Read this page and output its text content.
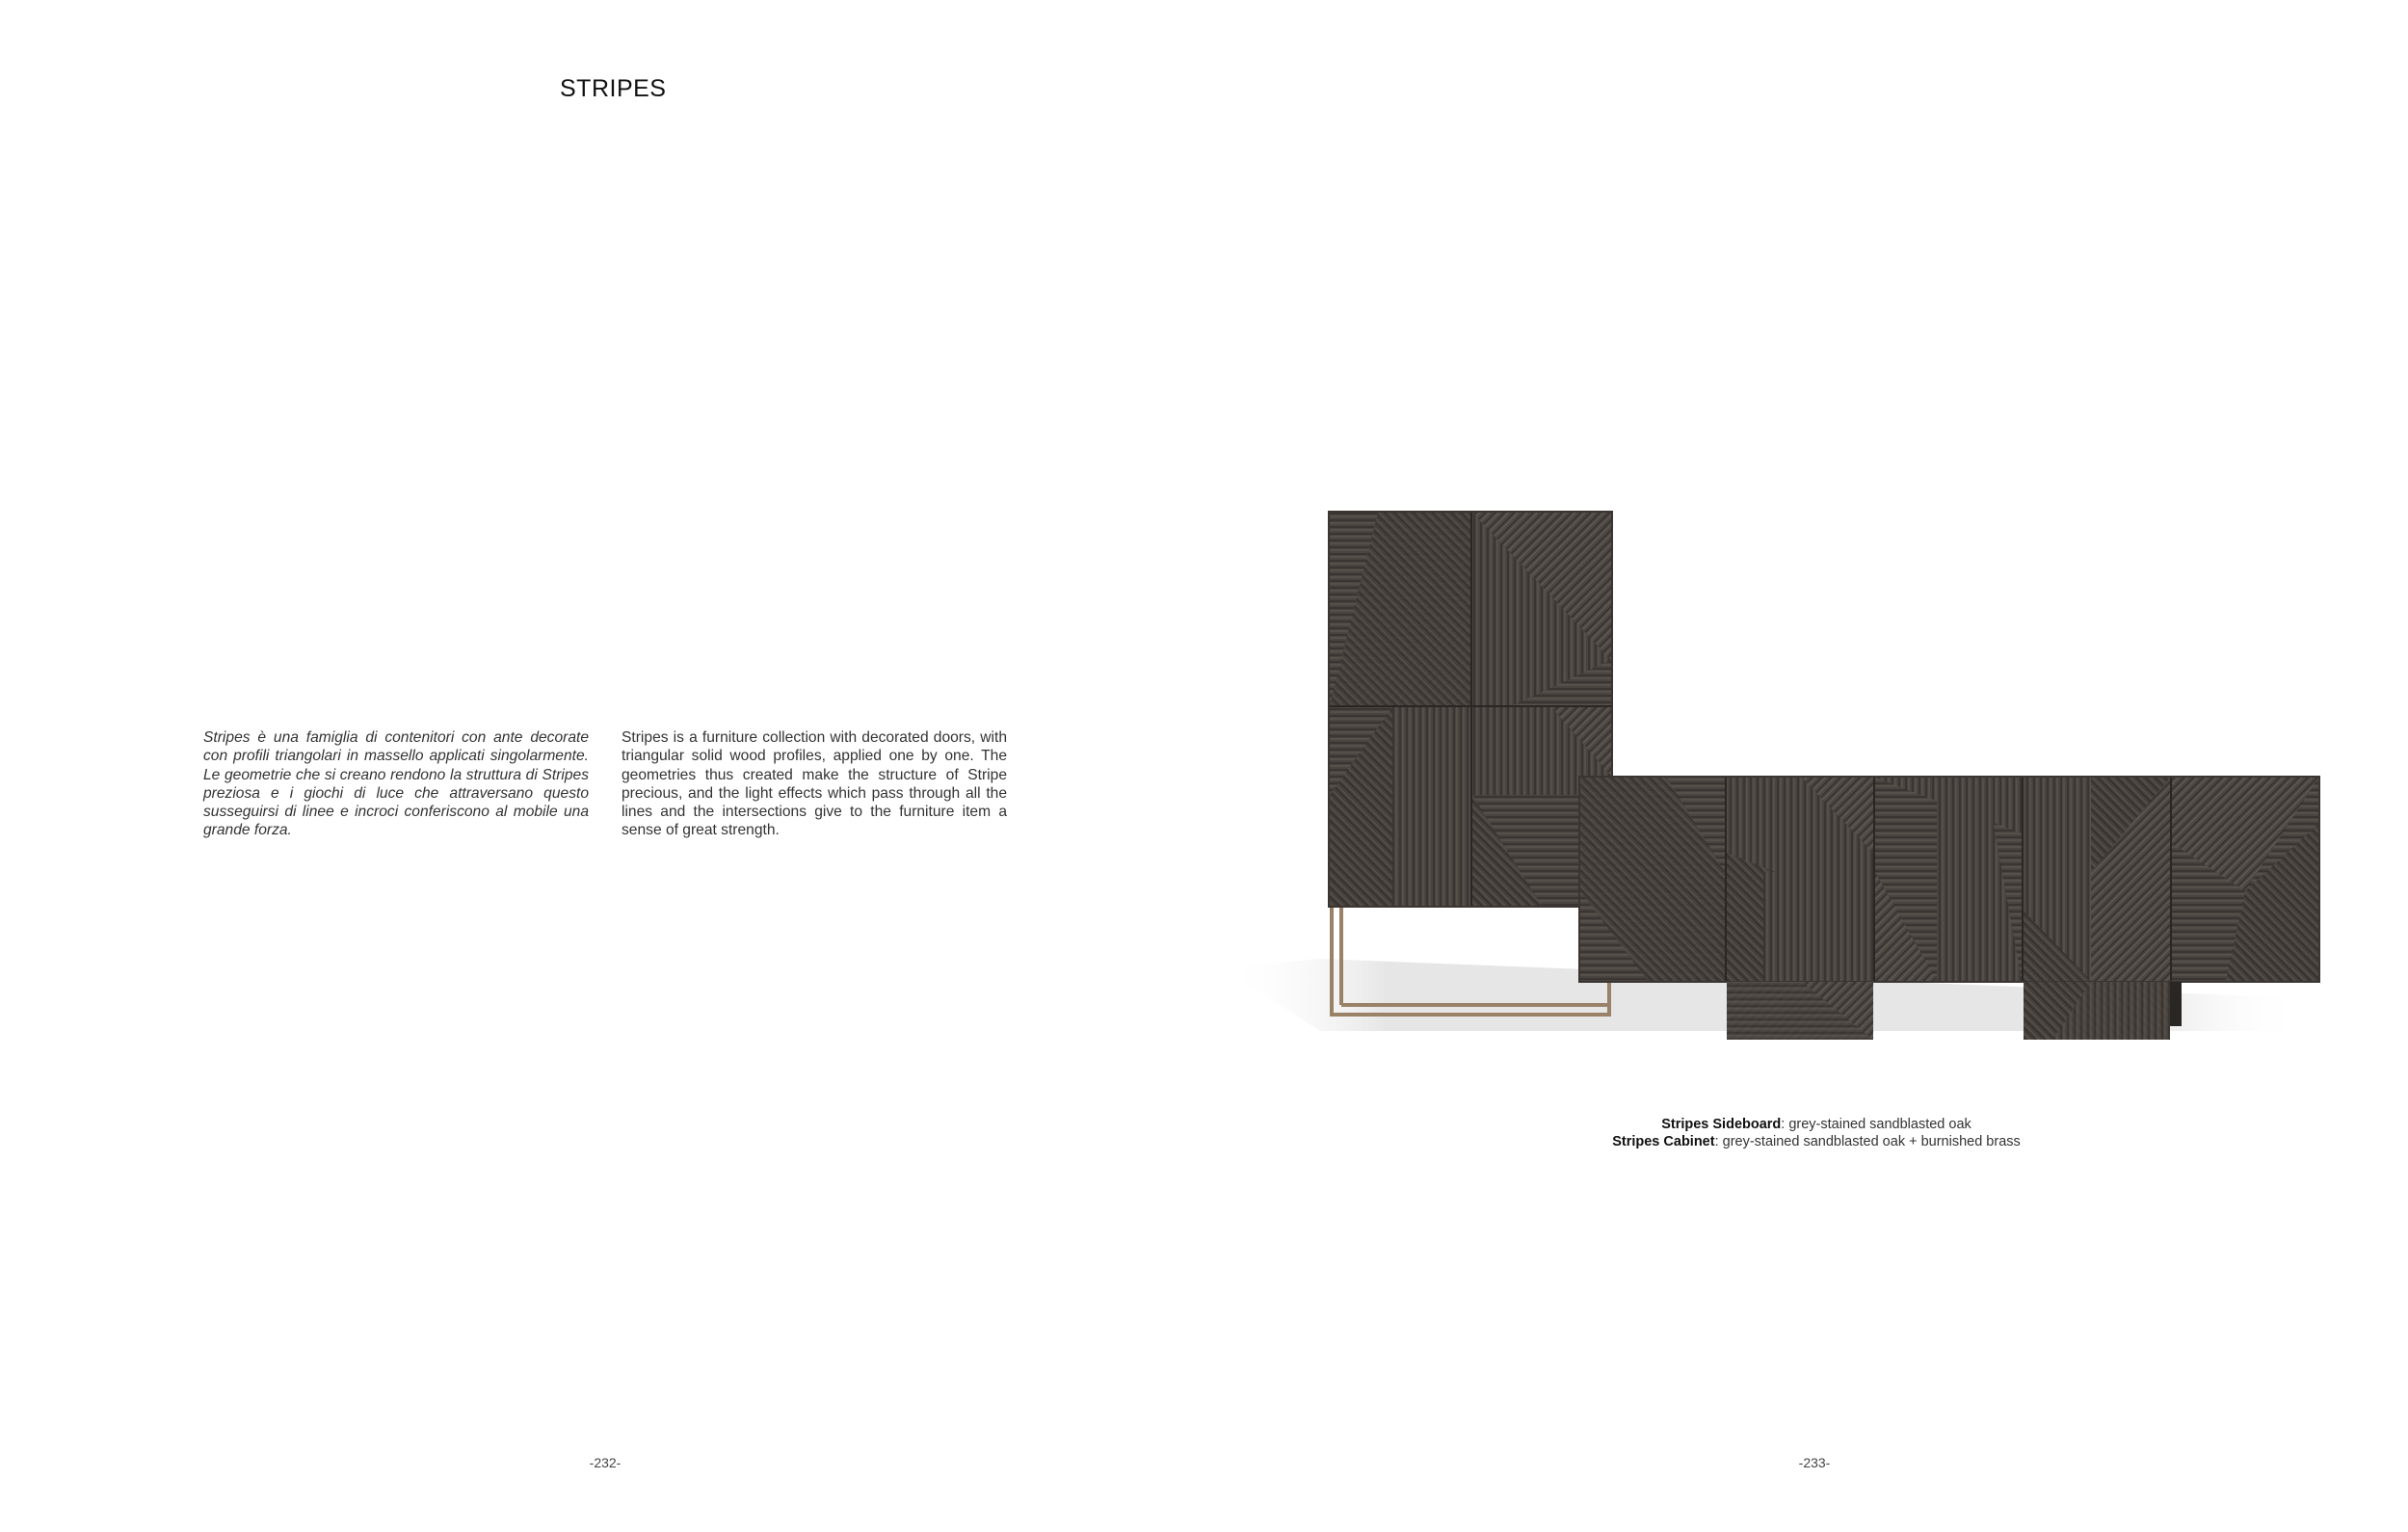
STRIPES

Stripes è una famiglia di contenitori con ante decorate con profili triangolari in massello applicati singolarmente. Le geometrie che si creano rendono la struttura di Stripes preziosa e i giochi di luce che attraversano questo susseguirsi di linee e incroci conferiscono al mobile una grande forza.

Stripes is a furniture collection with decorated doors, with triangular solid wood profiles, applied one by one. The geometries thus created make the structure of Stripe precious, and the light effects which pass through all the lines and the intersections give to the furniture item a sense of great strength.

Stripes Sideboard: grey-stained sandblasted oak
Stripes Cabinet: grey-stained sandblasted oak + burnished brass
-232-	-233-
